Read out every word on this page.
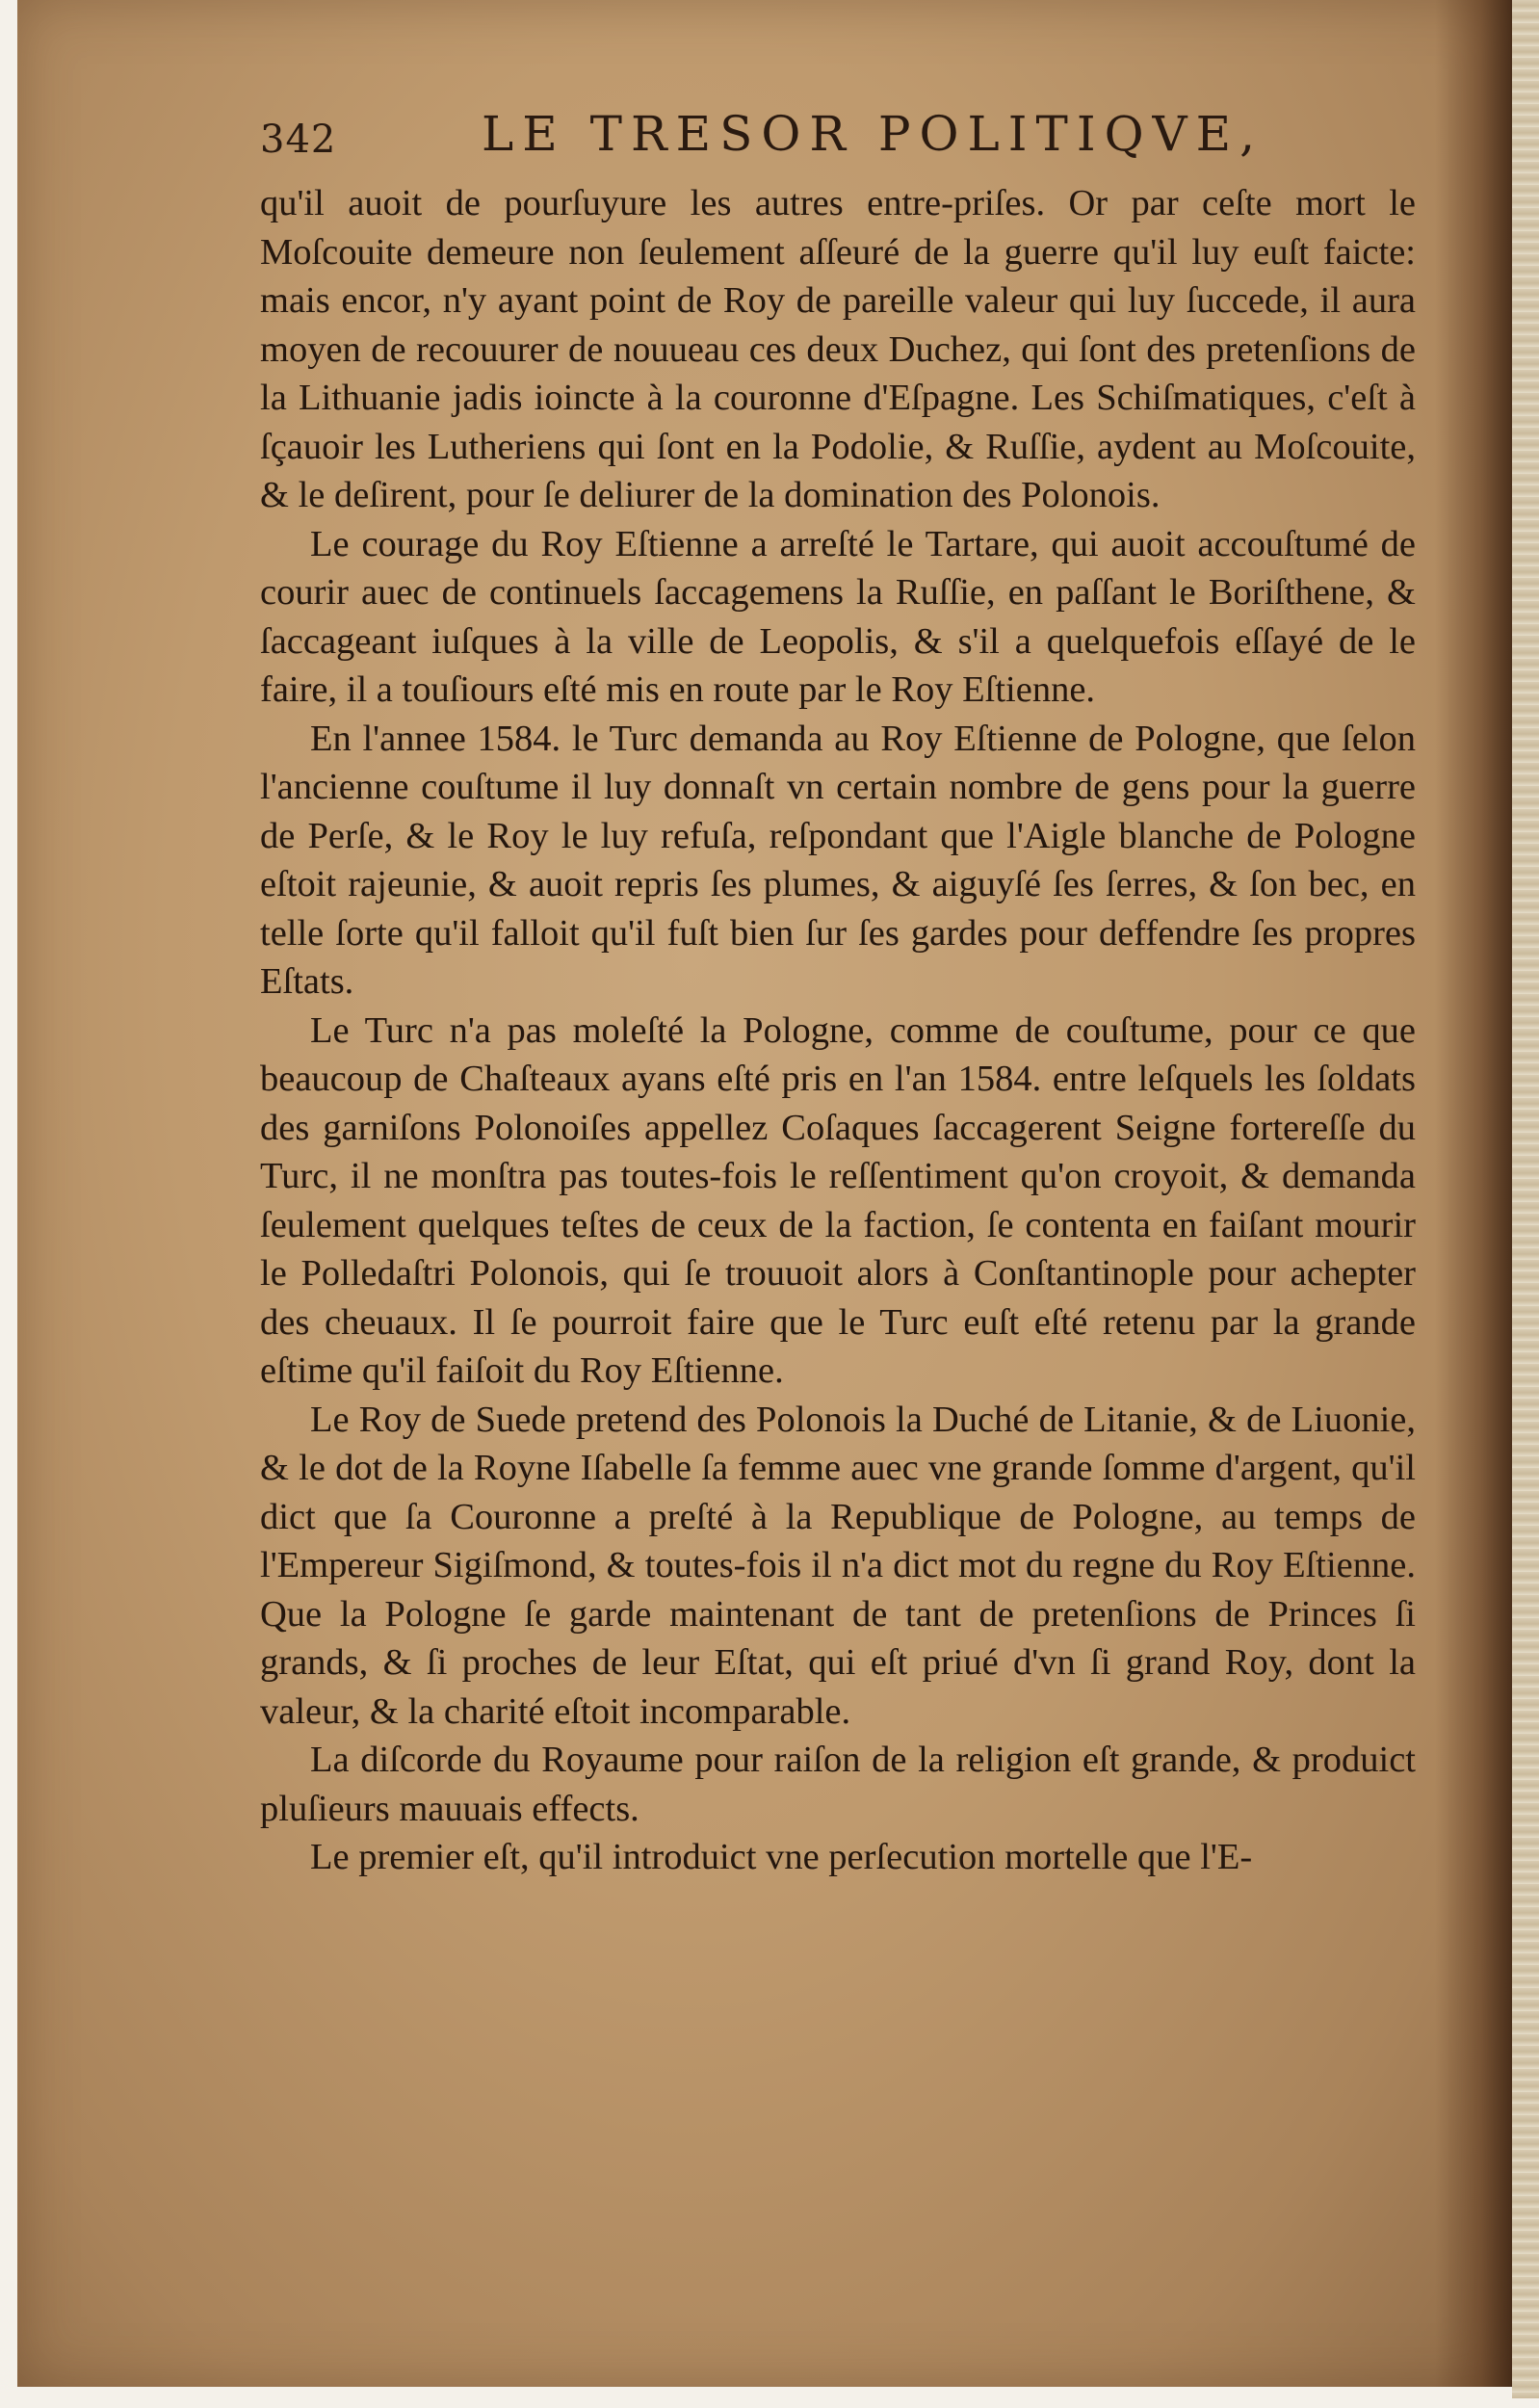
342	LE TRESOR POLITIQVE,

qu'il auoit de pourſuyure les autres entre-priſes. Or par ceſte mort le Moſcouite demeure non ſeulement aſſeuré de la guerre qu'il luy euſt faicte: mais encor, n'y ayant point de Roy de pareille valeur qui luy ſuccede, il aura moyen de recouurer de nouueau ces deux Duchez, qui ſont des pretenſions de la Lithuanie jadis ioincte à la couronne d'Eſpagne. Les Schiſmatiques, c'eſt à ſçauoir les Lutheriens qui ſont en la Podolie, & Ruſſie, aydent au Moſcouite, & le deſirent, pour ſe deliurer de la domination des Polonois.

Le courage du Roy Eſtienne a arreſté le Tartare, qui auoit accouſtumé de courir auec de continuels ſaccagemens la Ruſſie, en paſſant le Boriſthene, & ſaccageant iuſques à la ville de Leopolis, & s'il a quelquefois eſſayé de le faire, il a touſiours eſté mis en route par le Roy Eſtienne.

En l'annee 1584. le Turc demanda au Roy Eſtienne de Pologne, que ſelon l'ancienne couſtume il luy donnaſt vn certain nombre de gens pour la guerre de Perſe, & le Roy le luy refuſa, reſpondant que l'Aigle blanche de Pologne eſtoit rajeunie, & auoit repris ſes plumes, & aiguyſé ſes ſerres, & ſon bec, en telle ſorte qu'il falloit qu'il fuſt bien ſur ſes gardes pour deffendre ſes propres Eſtats.

Le Turc n'a pas moleſté la Pologne, comme de couſtume, pour ce que beaucoup de Chaſteaux ayans eſté pris en l'an 1584. entre leſquels les ſoldats des garniſons Polonoiſes appellez Coſaques ſaccagerent Seigne fortereſſe du Turc, il ne monſtra pas toutes-fois le reſſentiment qu'on croyoit, & demanda ſeulement quelques teſtes de ceux de la faction, ſe contenta en faiſant mourir le Polledaſtri Polonois, qui ſe trouuoit alors à Conſtantinople pour achepter des cheuaux. Il ſe pourroit faire que le Turc euſt eſté retenu par la grande eſtime qu'il faiſoit du Roy Eſtienne.

Le Roy de Suede pretend des Polonois la Duché de Litanie, & de Liuonie, & le dot de la Royne Iſabelle ſa femme auec vne grande ſomme d'argent, qu'il dict que ſa Couronne a preſté à la Republique de Pologne, au temps de l'Empereur Sigiſmond, & toutes-fois il n'a dict mot du regne du Roy Eſtienne. Que la Pologne ſe garde maintenant de tant de pretenſions de Princes ſi grands, & ſi proches de leur Eſtat, qui eſt priué d'vn ſi grand Roy, dont la valeur, & la charité eſtoit incomparable.

La diſcorde du Royaume pour raiſon de la religion eſt grande, & produict pluſieurs mauuais effects.

Le premier eſt, qu'il introduict vne perſecution mortelle que l'E-
